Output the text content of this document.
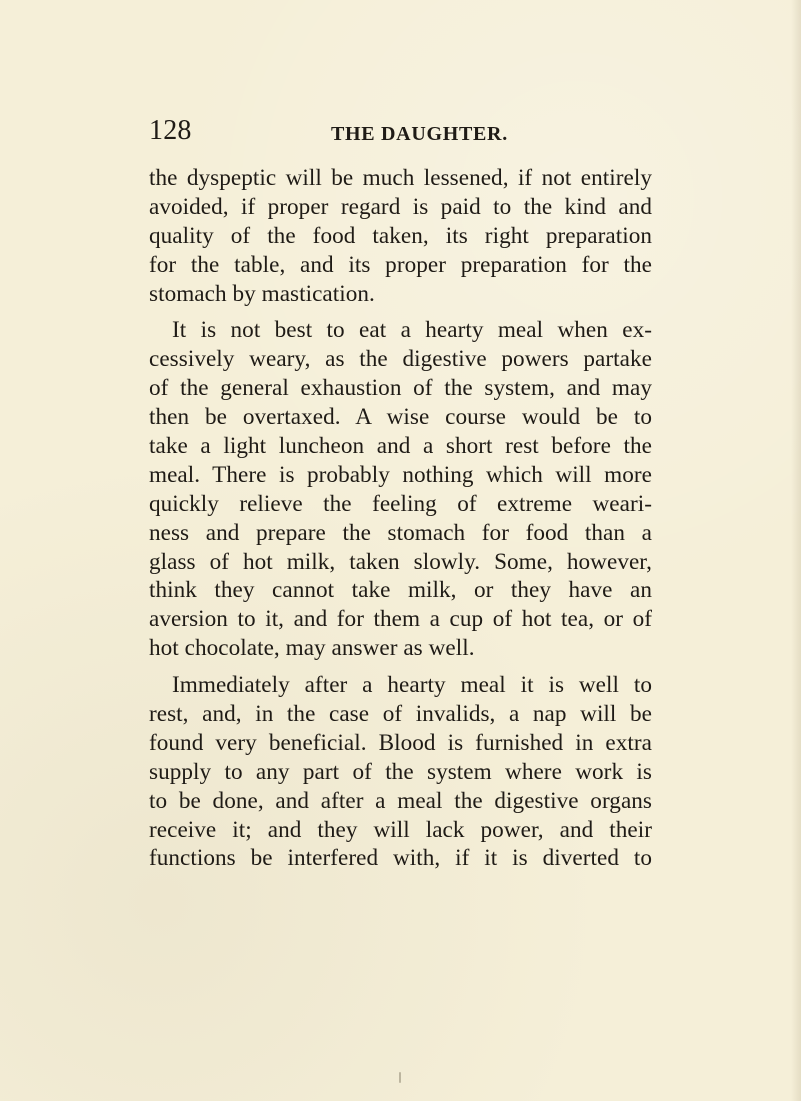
128	THE DAUGHTER.
the dyspeptic will be much lessened, if not entirely
avoided, if proper regard is paid to the kind and
quality of the food taken, its right preparation
for the table, and its proper preparation for the
stomach by mastication.
It is not best to eat a hearty meal when ex-
cessively weary, as the digestive powers partake
of the general exhaustion of the system, and may
then be overtaxed. A wise course would be to
take a light luncheon and a short rest before the
meal. There is probably nothing which will more
quickly relieve the feeling of extreme weari-
ness and prepare the stomach for food than a
glass of hot milk, taken slowly. Some, however,
think they cannot take milk, or they have an
aversion to it, and for them a cup of hot tea, or of
hot chocolate, may answer as well.
Immediately after a hearty meal it is well to
rest, and, in the case of invalids, a nap will be
found very beneficial. Blood is furnished in extra
supply to any part of the system where work is
to be done, and after a meal the digestive organs
receive it; and they will lack power, and their
functions be interfered with, if it is diverted to
